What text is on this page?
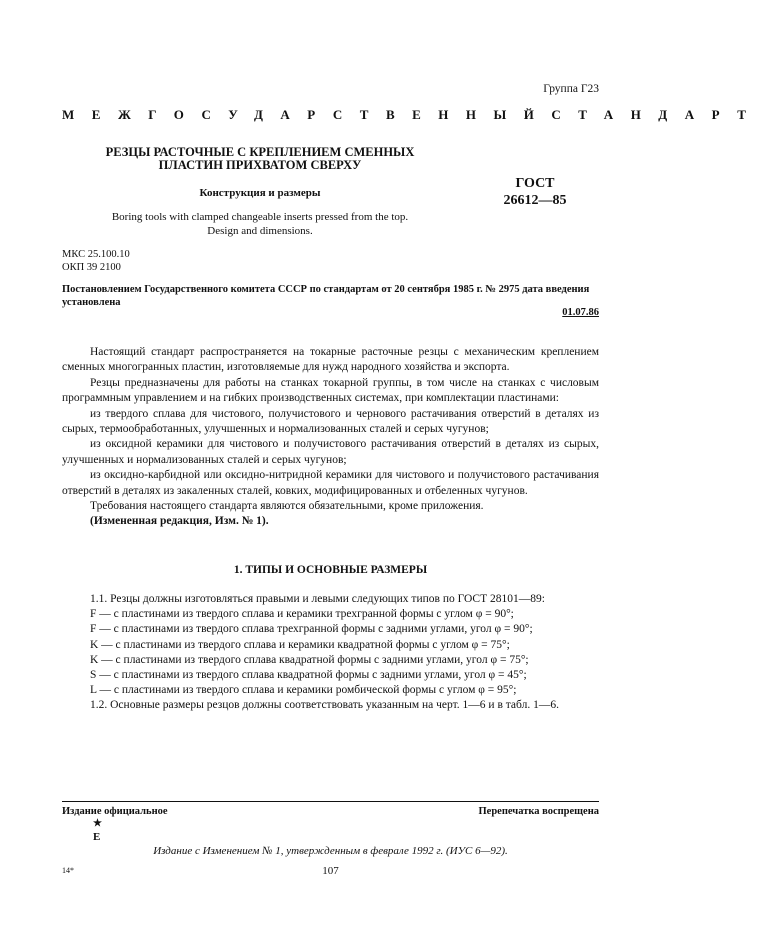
Группа Г23
МЕЖГОСУДАРСТВЕННЫЙ СТАНДАРТ
РЕЗЦЫ РАСТОЧНЫЕ С КРЕПЛЕНИЕМ СМЕННЫХ
ПЛАСТИН ПРИХВАТОМ СВЕРХУ
Конструкция и размеры
Boring tools with clamped changeable inserts pressed from the top.
Design and dimensions.
ГОСТ
26612—85
МКС 25.100.10
ОКП 39 2100
Постановлением Государственного комитета СССР по стандартам от 20 сентября 1985 г. № 2975 дата введения установлена
01.07.86

Настоящий стандарт распространяется на токарные расточные резцы с механическим креплением сменных многогранных пластин, изготовляемые для нужд народного хозяйства и экспорта.

Резцы предназначены для работы на станках токарной группы, в том числе на станках с числовым программным управлением и на гибких производственных системах, при комплектации пластинами:

из твердого сплава для чистового, получистового и чернового растачивания отверстий в деталях из сырых, термообработанных, улучшенных и нормализованных сталей и серых чугунов;

из оксидной керамики для чистового и получистового растачивания отверстий в деталях из сырых, улучшенных и нормализованных сталей и серых чугунов;

из оксидно-карбидной или оксидно-нитридной керамики для чистового и получистового растачивания отверстий в деталях из закаленных сталей, ковких, модифицированных и отбеленных чугунов.

Требования настоящего стандарта являются обязательными, кроме приложения.

(Измененная редакция, Изм. № 1).

1. ТИПЫ И ОСНОВНЫЕ РАЗМЕРЫ
1.1. Резцы должны изготовляться правыми и левыми следующих типов по ГОСТ 28101—89:
F — с пластинами из твердого сплава и керамики трехгранной формы с углом φ = 90°;
F — с пластинами из твердого сплава трехгранной формы с задними углами, угол φ = 90°;
K — с пластинами из твердого сплава и керамики квадратной формы с углом φ = 75°;
K — с пластинами из твердого сплава квадратной формы с задними углами, угол φ = 75°;
S — с пластинами из твердого сплава квадратной формы с задними углами, угол φ = 45°;
L — с пластинами из твердого сплава и керамики ромбической формы с углом φ = 95°;
1.2. Основные размеры резцов должны соответствовать указанным на черт. 1—6 и в табл. 1—6.
Издание официальное	Перепечатка воспрещена
★
E
Издание с Изменением № 1, утвержденным в феврале 1992 г. (ИУС 6—92).
14*	107
